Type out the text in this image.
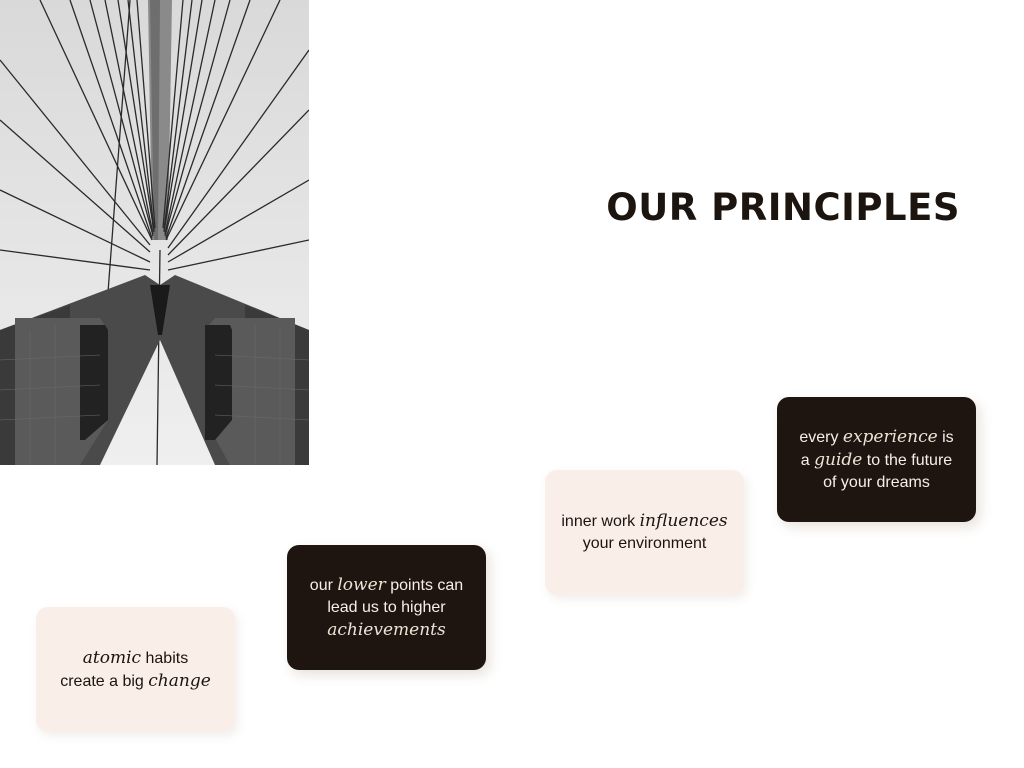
OUR PRINCIPLES

atomic habits
create a big change

our lower points can
lead us to higher
achievements

inner work influences
your environment

every experience is
a guide to the future
of your dreams
